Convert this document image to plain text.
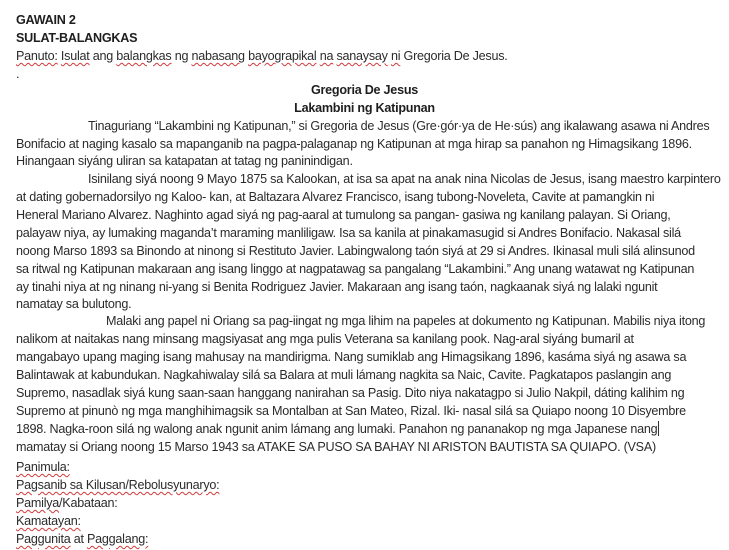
GAWAIN 2
SULAT-BALANGKAS
Panuto: Isulat ang balangkas ng nabasang bayograpikal na sanaysay ni Gregoria De Jesus.
.
Gregoria De Jesus
Lakambini ng Katipunan
Tinaguriang “Lakambini ng Katipunan,” si Gregoria de Jesus (Gre·gór·ya de He·sús) ang ikalawang asawa ni Andres
Bonifacio at naging kasalo sa mapanganib na pagpa-palaganap ng Katipunan at mga hirap sa panahon ng Himagsikang 1896.
Hinangaan siyáng uliran sa katapatan at tatag ng paninindigan.
Isinilang siyá noong 9 Mayo 1875 sa Kalookan, at isa sa apat na anak nina Nicolas de Jesus, isang maestro karpintero
at dating gobernadorsilyo ng Kaloo- kan, at Baltazara Alvarez Francisco, isang tubong-Noveleta, Cavite at pamangkin ni
Heneral Mariano Alvarez. Naghinto agad siyá ng pag-aaral at tumulong sa pangan- gasiwa ng kanilang palayan. Si Oriang,
palayaw niya, ay lumaking maganda’t maraming manliligaw. Isa sa kanila at pinakamasugid si Andres Bonifacio. Nakasal silá
noong Marso 1893 sa Binondo at ninong si Restituto Javier. Labingwalong taón siyá at 29 si Andres. Ikinasal muli silá alinsunod
sa ritwal ng Katipunan makaraan ang isang linggo at nagpatawag sa pangalang “Lakambini.” Ang unang watawat ng Katipunan
ay tinahi niya at ng ninang ni-yang si Benita Rodriguez Javier. Makaraan ang isang taón, nagkaanak siyá ng lalaki ngunit
namatay sa bulutong.
Malaki ang papel ni Oriang sa pag-iingat ng mga lihim na papeles at dokumento ng Katipunan. Mabilis niya itong
nalikom at naitakas nang minsang magsiyasat ang mga pulis Veterana sa kanilang pook. Nag-aral siyáng bumaril at
mangabayo upang maging isang mahusay na mandirigma. Nang sumiklab ang Himagsikang 1896, kasáma siyá ng asawa sa
Balintawak at kabundukan. Nagkahiwalay silá sa Balara at muli lámang nagkita sa Naic, Cavite. Pagkatapos paslangin ang
Supremo, nasadlak siyá kung saan-saan hanggang nanirahan sa Pasig. Dito niya nakatagpo si Julio Nakpil, dáting kalihim ng
Supremo at pinunò ng mga manghihimagsik sa Montalban at San Mateo, Rizal. Iki- nasal silá sa Quiapo noong 10 Disyembre
1898. Nagka-roon silá ng walong anak ngunit anim lámang ang lumaki. Panahon ng pananakop ng mga Japanese nang
mamatay si Oriang noong 15 Marso 1943 sa ATAKE SA PUSO SA BAHAY NI ARISTON BAUTISTA SA QUIAPO. (VSA)
Panimula:
Pagsanib sa Kilusan/Rebolusyunaryo:
Pamilya/Kabataan:
Kamatayan:
Paggunita at Paggalang:
